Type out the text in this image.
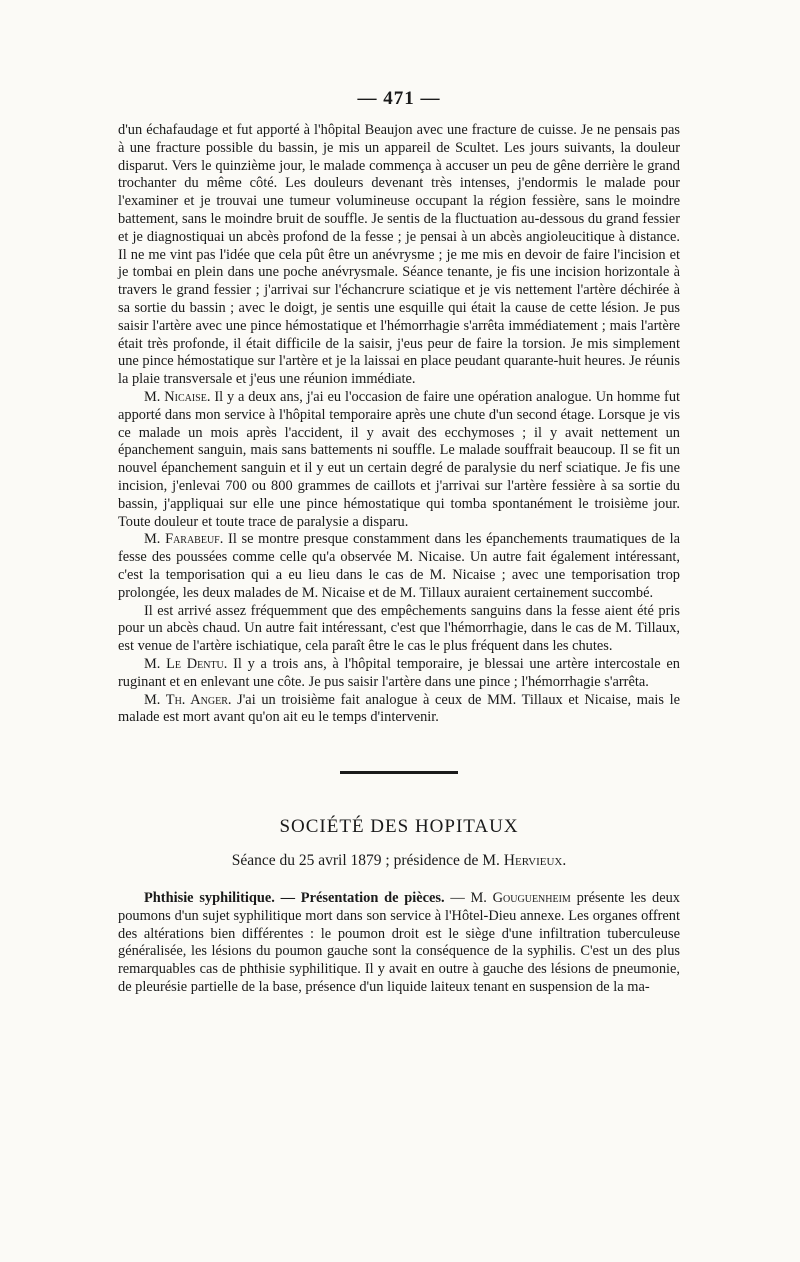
— 471 —

d'un échafaudage et fut apporté à l'hôpital Beaujon avec une fracture de cuisse. Je ne pensais pas à une fracture possible du bassin, je mis un appareil de Scultet. Les jours suivants, la douleur disparut. Vers le quinzième jour, le malade commença à accuser un peu de gêne derrière le grand trochanter du même côté. Les douleurs devenant très intenses, j'endormis le malade pour l'examiner et je trouvai une tumeur volumineuse occupant la région fessière, sans le moindre battement, sans le moindre bruit de souffle. Je sentis de la fluctuation au-dessous du grand fessier et je diagnostiquai un abcès profond de la fesse ; je pensai à un abcès angioleucitique à distance. Il ne me vint pas l'idée que cela pût être un anévrysme ; je me mis en devoir de faire l'incision et je tombai en plein dans une poche anévrysmale. Séance tenante, je fis une incision horizontale à travers le grand fessier ; j'arrivai sur l'échancrure sciatique et je vis nettement l'artère déchirée à sa sortie du bassin ; avec le doigt, je sentis une esquille qui était la cause de cette lésion. Je pus saisir l'artère avec une pince hémostatique et l'hémorrhagie s'arrêta immédiatement ; mais l'artère était très profonde, il était difficile de la saisir, j'eus peur de faire la torsion. Je mis simplement une pince hémostatique sur l'artère et je la laissai en place peudant quarante-huit heures. Je réunis la plaie transversale et j'eus une réunion immédiate.

M. Nicaise. Il y a deux ans, j'ai eu l'occasion de faire une opération analogue. Un homme fut apporté dans mon service à l'hôpital temporaire après une chute d'un second étage. Lorsque je vis ce malade un mois après l'accident, il y avait des ecchymoses ; il y avait nettement un épanchement sanguin, mais sans battements ni souffle. Le malade souffrait beaucoup. Il se fit un nouvel épanchement sanguin et il y eut un certain degré de paralysie du nerf sciatique. Je fis une incision, j'enlevai 700 ou 800 grammes de caillots et j'arrivai sur l'artère fessière à sa sortie du bassin, j'appliquai sur elle une pince hémostatique qui tomba spontanément le troisième jour. Toute douleur et toute trace de paralysie a disparu.

M. Farabeuf. Il se montre presque constamment dans les épanchements traumatiques de la fesse des poussées comme celle qu'a observée M. Nicaise. Un autre fait également intéressant, c'est la temporisation qui a eu lieu dans le cas de M. Nicaise ; avec une temporisation trop prolongée, les deux malades de M. Nicaise et de M. Tillaux auraient certainement succombé.

Il est arrivé assez fréquemment que des empêchements sanguins dans la fesse aient été pris pour un abcès chaud. Un autre fait intéressant, c'est que l'hémorrhagie, dans le cas de M. Tillaux, est venue de l'artère ischiatique, cela paraît être le cas le plus fréquent dans les chutes.

M. Le Dentu. Il y a trois ans, à l'hôpital temporaire, je blessai une artère intercostale en ruginant et en enlevant une côte. Je pus saisir l'artère dans une pince ; l'hémorrhagie s'arrêta.

M. Th. Anger. J'ai un troisième fait analogue à ceux de MM. Tillaux et Nicaise, mais le malade est mort avant qu'on ait eu le temps d'intervenir.

SOCIÉTÉ DES HOPITAUX
Séance du 25 avril 1879 ; présidence de M. Hervieux.

Phthisie syphilitique. — Présentation de pièces. — M. Gouguenheim présente les deux poumons d'un sujet syphilitique mort dans son service à l'Hôtel-Dieu annexe. Les organes offrent des altérations bien différentes : le poumon droit est le siège d'une infiltration tuberculeuse généralisée, les lésions du poumon gauche sont la conséquence de la syphilis. C'est un des plus remarquables cas de phthisie syphilitique. Il y avait en outre à gauche des lésions de pneumonie, de pleurésie partielle de la base, présence d'un liquide laiteux tenant en suspension de la ma-
